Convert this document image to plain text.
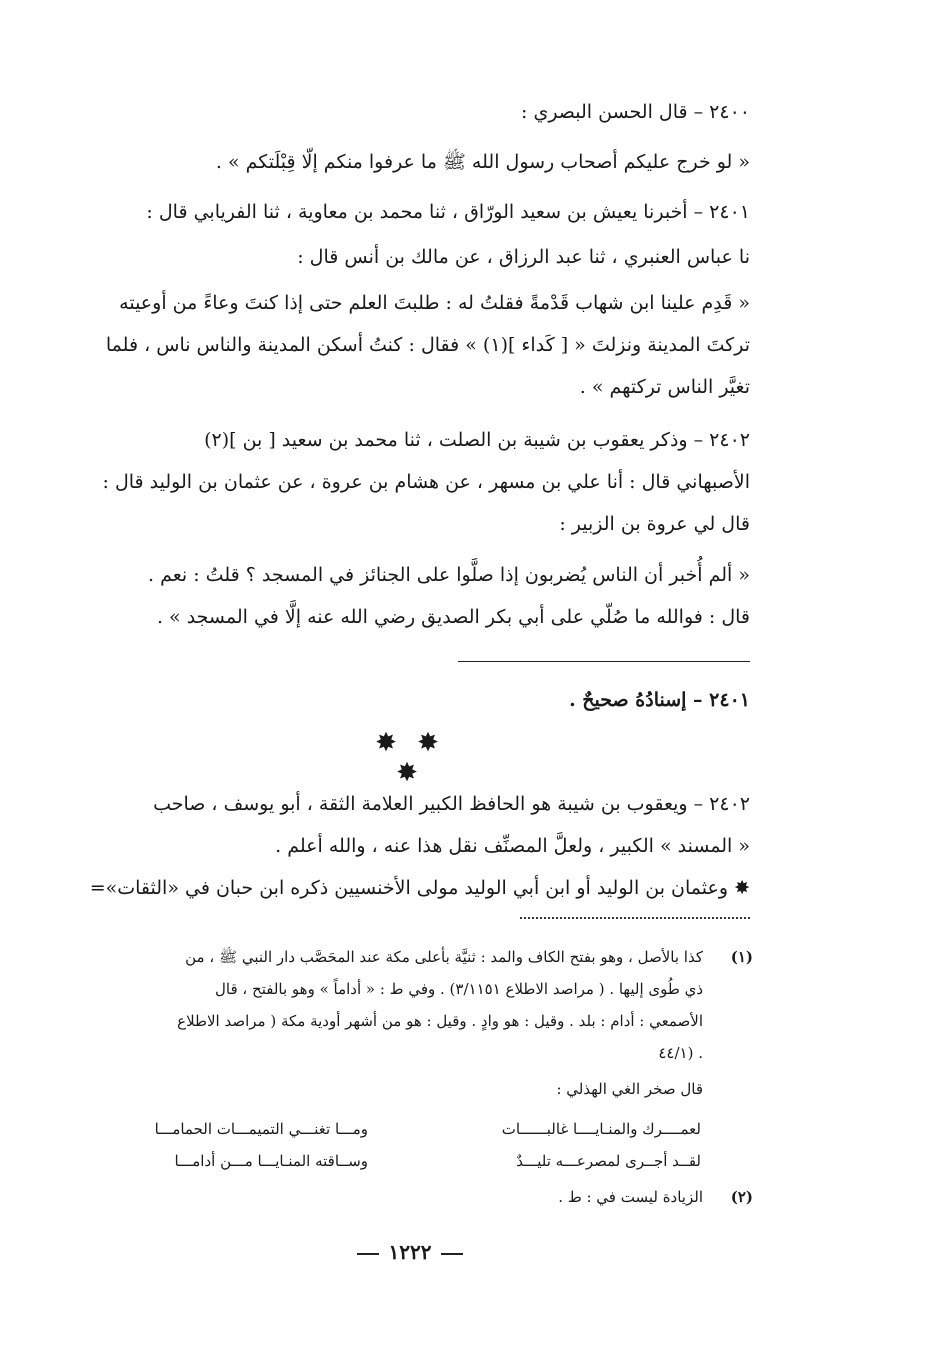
٢٤٠٠ – قال الحسن البصري :
« لو خرج عليكم أصحاب رسول الله ﷺ ما عرفوا منكم إلّا قِبْلَتكم » .
٢٤٠١ – أخبرنا يعيش بن سعيد الورّاق ، ثنا محمد بن معاوية ، ثنا الفريابي قال :
نا عباس العنبري ، ثنا عبد الرزاق ، عن مالك بن أنس قال :
« قَدِم علينا ابن شهاب قَدْمةً فقلتُ له : طلبتَ العلم حتى إذا كنتَ وعاءً من أوعيته
تركتَ المدينة ونزلتَ « [ كَداء ](١) » فقال : كنتُ أسكن المدينة والناس ناس ، فلما
تغيَّر الناس تركتهم » .
٢٤٠٢ – وذكر يعقوب بن شيبة بن الصلت ، ثنا محمد بن سعيد [ بن ](٢)
الأصبهاني قال : أنا علي بن مسهر ، عن هشام بن عروة ، عن عثمان بن الوليد قال :
قال لي عروة بن الزبير :
« ألم أُخبر أن الناس يُضربون إذا صلَّوا على الجنائز في المسجد ؟ قلتُ : نعم .
قال : فوالله ما صُلّي على أبي بكر الصديق رضي الله عنه إلَّا في المسجد » .
٢٤٠١ – إسنادُهُ صحيحٌ .
✸ ✸ ✸
٢٤٠٢ – ويعقوب بن شيبة هو الحافظ الكبير العلامة الثقة ، أبو يوسف ، صاحب
« المسند » الكبير ، ولعلَّ المصنِّف نقل هذا عنه ، والله أعلم .
✸ وعثمان بن الوليد أو ابن أبي الوليد مولى الأخنسيين ذكره ابن حبان في «الثقات»=
(١)
كذا بالأصل ، وهو بفتح الكاف والمد : ثنيَّة بأعلى مكة عند المحَصَّب دار النبي ﷺ ، من
ذي طُوى إليها . ( مراصد الاطلاع ٣/١١٥١) . وفي ط : « أداماً » وهو بالفتح ، قال
الأصمعي : أدام : بلد . وقيل : هو وادٍ . وقيل : هو من أشهر أودية مكة ( مراصد الاطلاع
٤٤/١) .
قال صخر الغي الهذلي :
لعمــــرك والمنـايــــا غالبــــــات
ومـــا تغنـــي التميمـــات الحمامـــا
لقــد أجــرى لمصرعـــه تليـــدٌ
وســاقته المنـايـــا مـــن أدامـــا
(٢)
الزيادة ليست في : ط .
١٢٢٢
